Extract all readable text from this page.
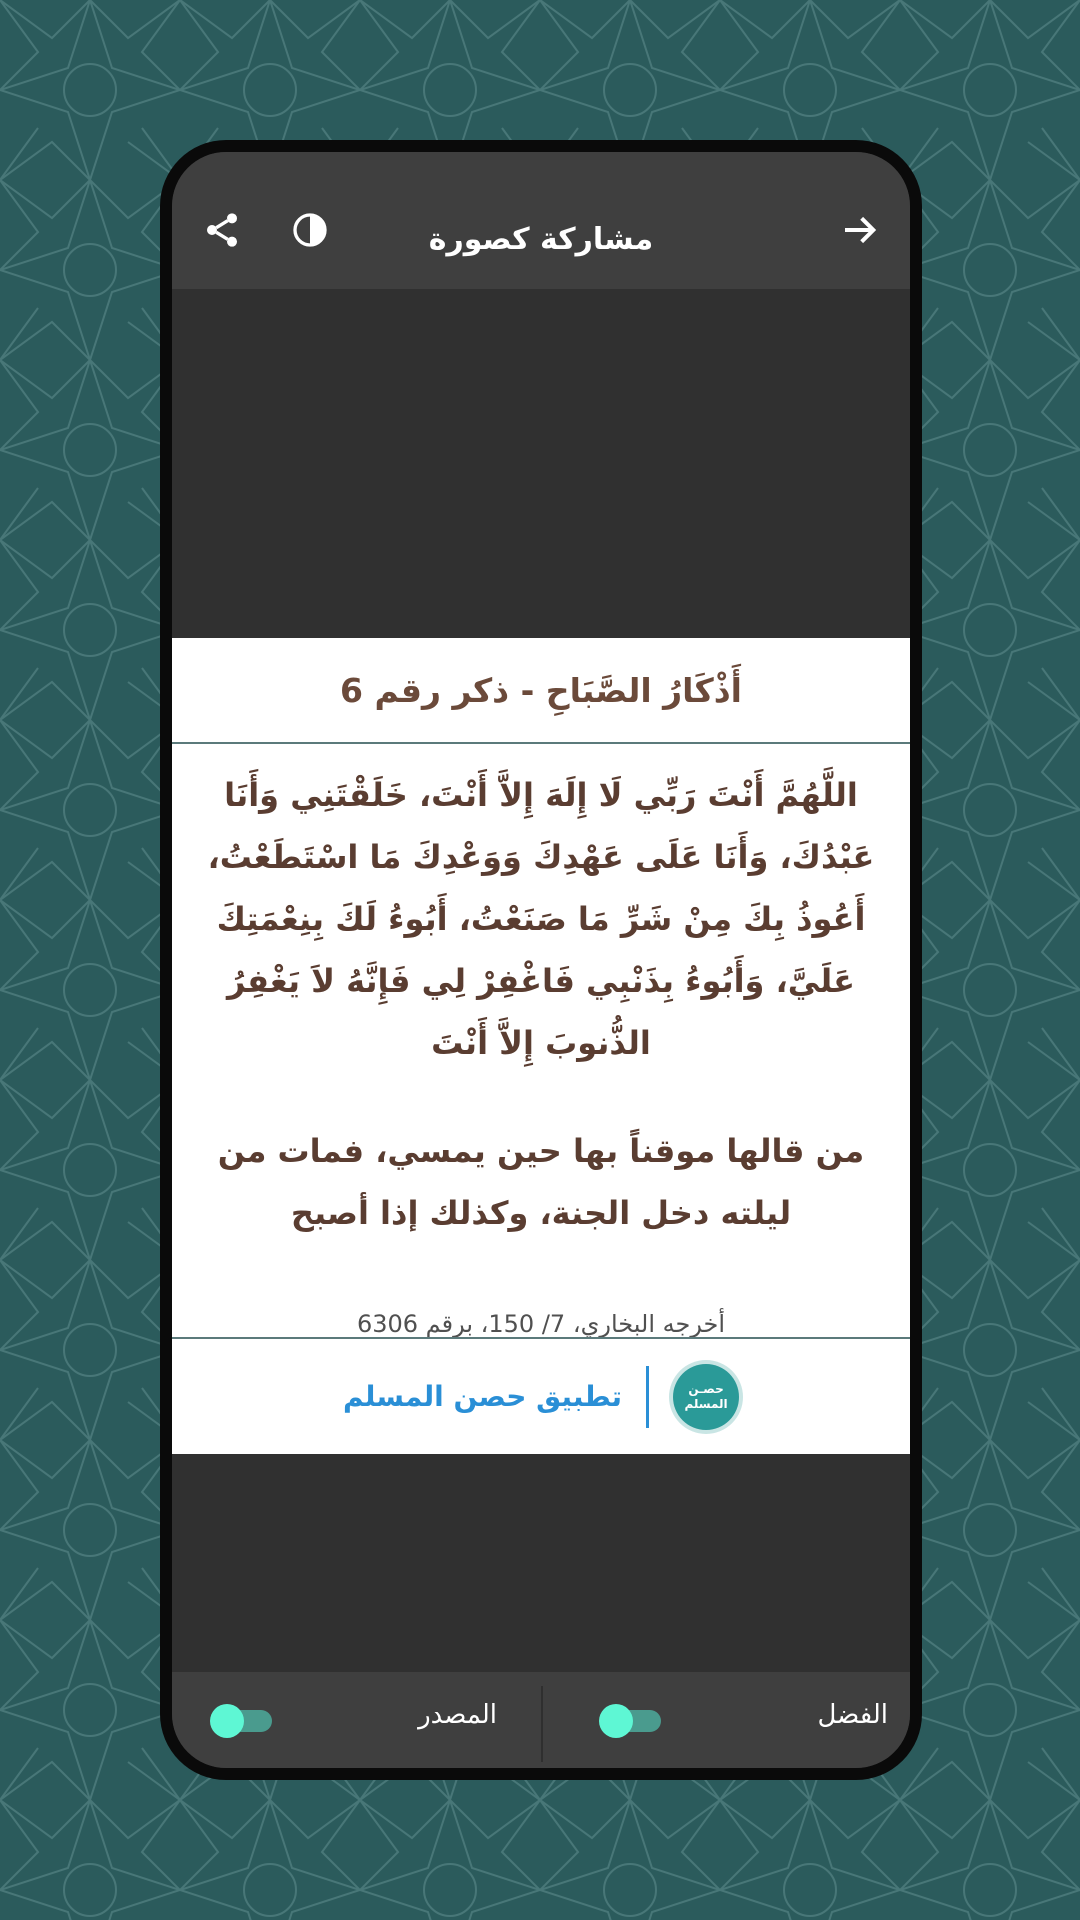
مشاركة كصورة
أَذْكَارُ الصَّبَاحِ - ذكر رقم 6
اللَّهُمَّ أَنْتَ رَبِّي لَا إِلَهَ إِلاَّ أَنْتَ، خَلَقْتَنِي وَأَنَا عَبْدُكَ، وَأَنَا عَلَى عَهْدِكَ وَوَعْدِكَ مَا اسْتَطَعْتُ، أَعُوذُ بِكَ مِنْ شَرِّ مَا صَنَعْتُ، أَبُوءُ لَكَ بِنِعْمَتِكَ عَلَيَّ، وَأَبُوءُ بِذَنْبِي فَاغْفِرْ لِي فَإِنَّهُ لاَ يَغْفِرُ الذُّنوبَ إِلاَّ أَنْتَ
من قالها موقناً بها حين يمسي، فمات من ليلته دخل الجنة، وكذلك إذا أصبح
أخرجه البخاري، 7/ 150، برقم 6306
حصـن
المسلم
تطبيق حصن المسلم
الفضل
المصدر
